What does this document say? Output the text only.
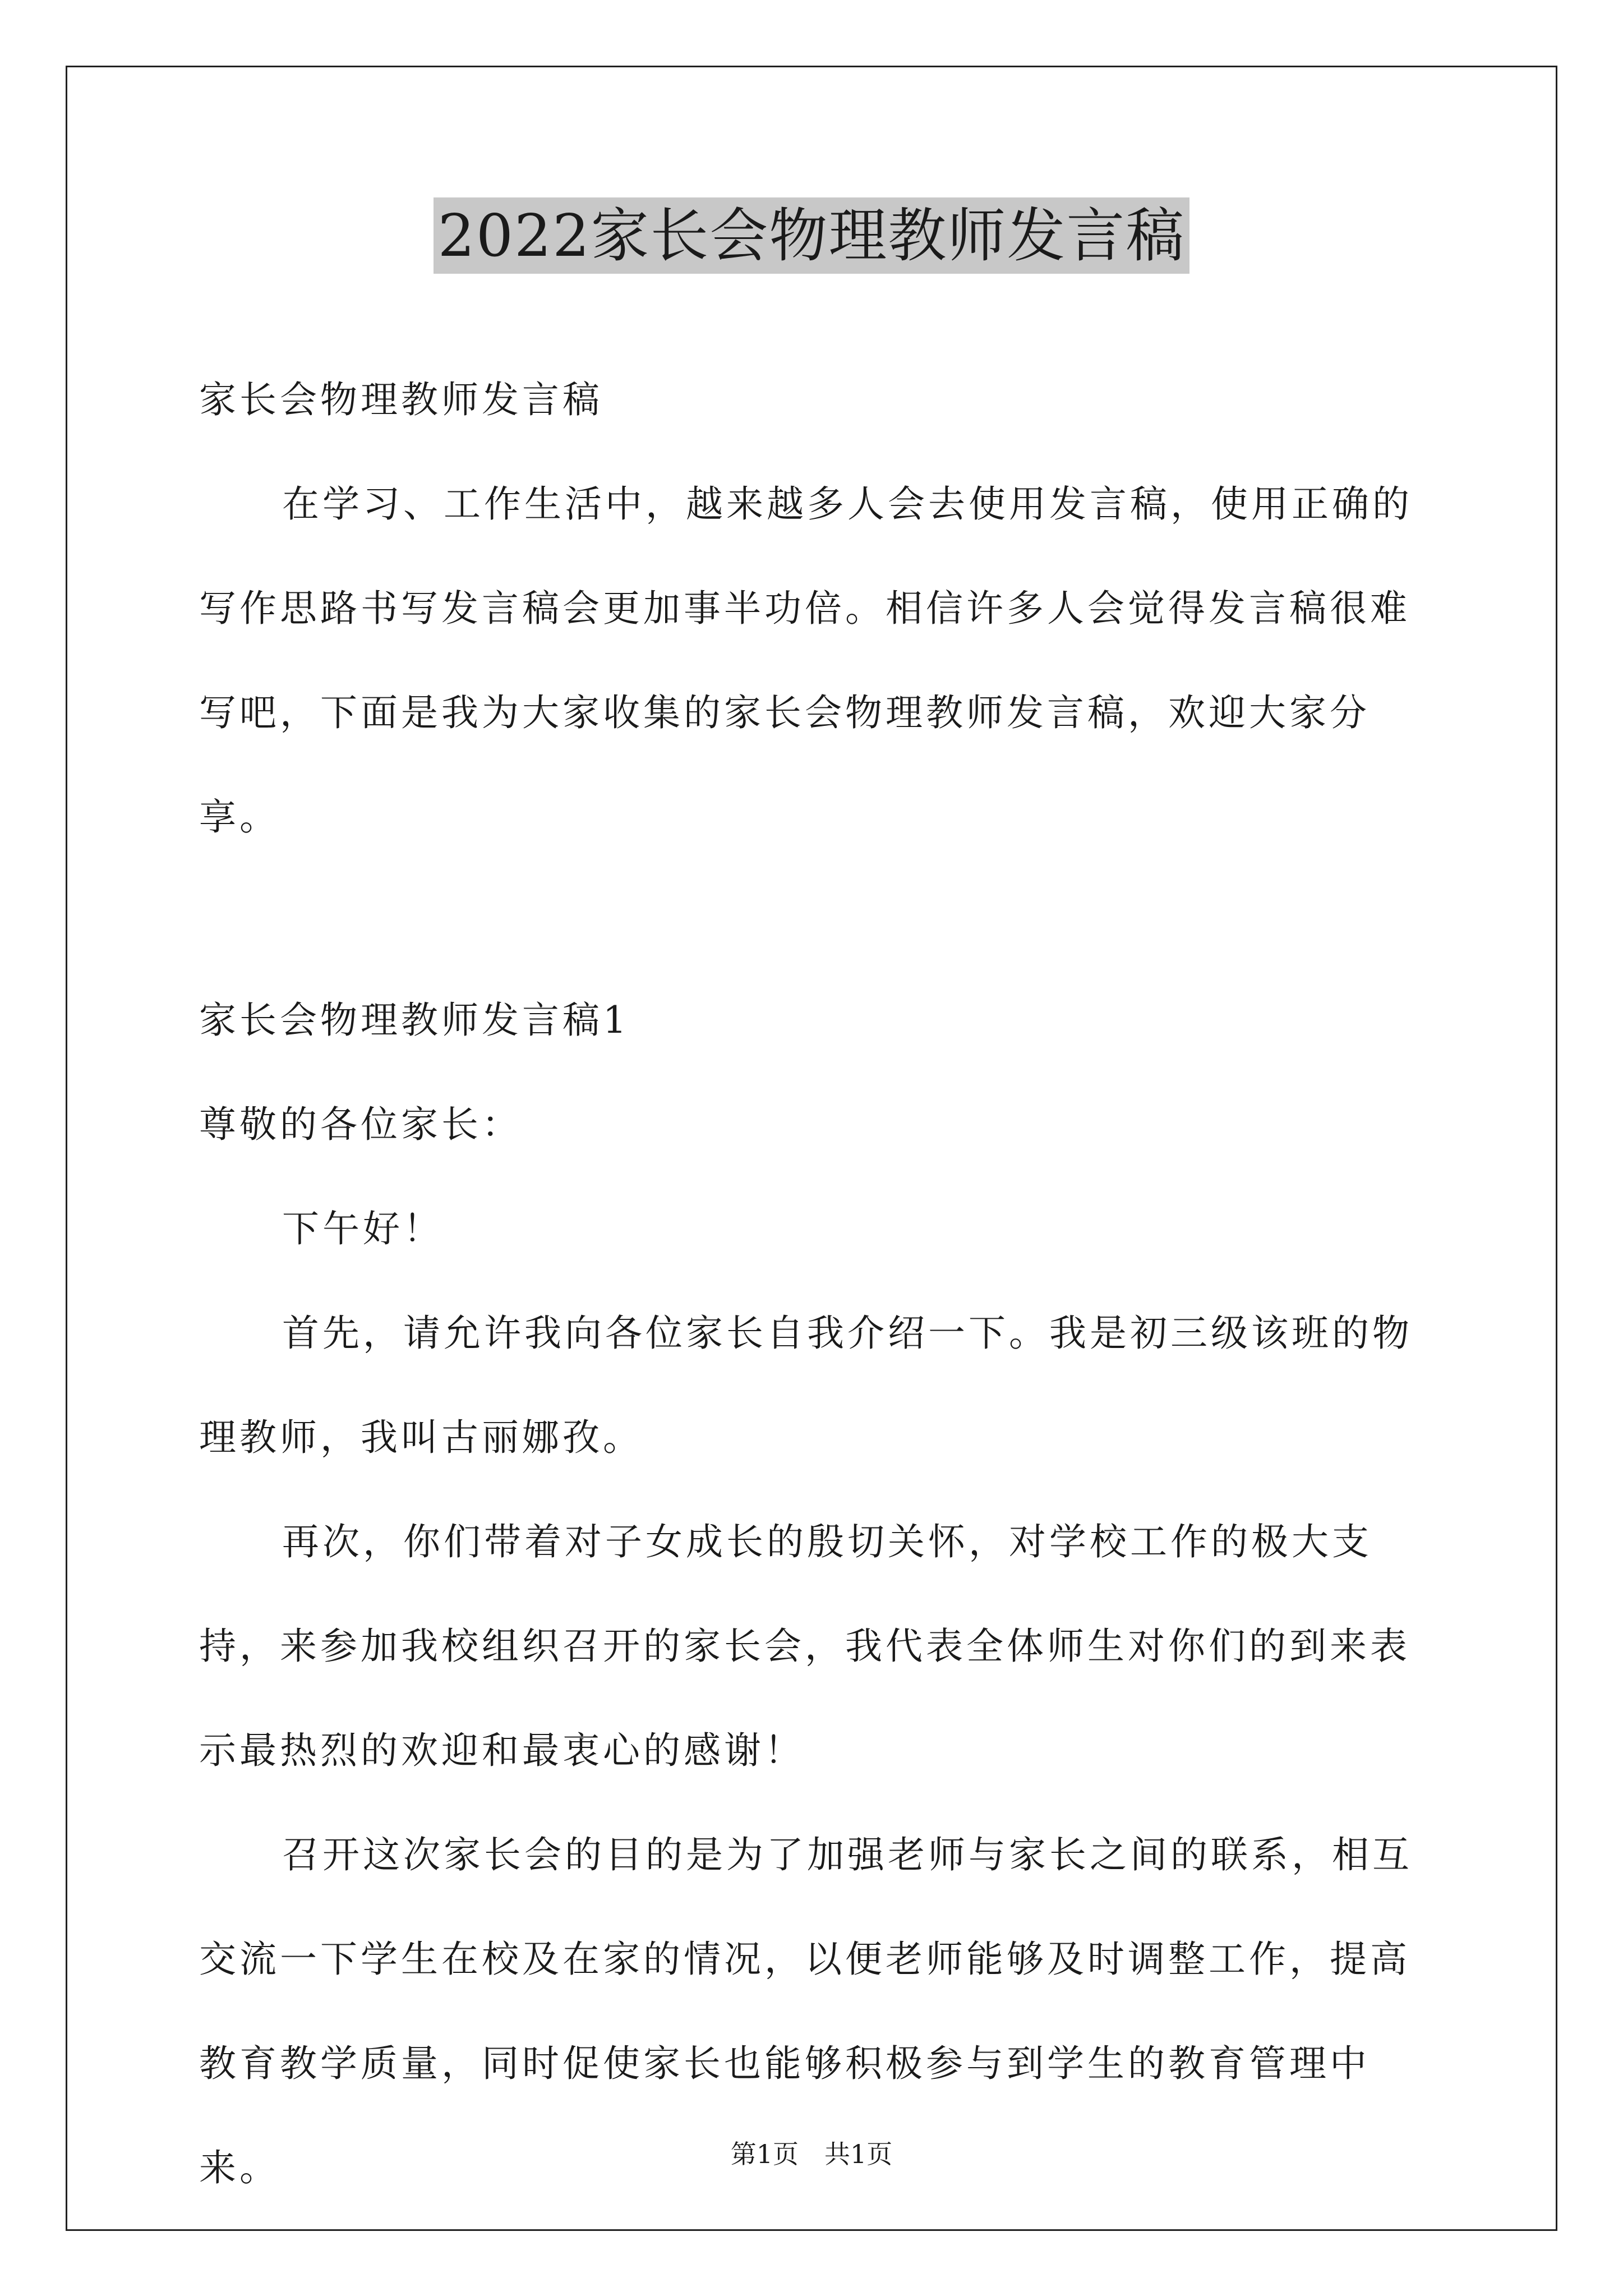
2022家长会物理教师发言稿

家长会物理教师发言稿

在学习、工作生活中，越来越多人会去使用发言稿，使用正确的写作思路书写发言稿会更加事半功倍。相信许多人会觉得发言稿很难写吧，下面是我为大家收集的家长会物理教师发言稿，欢迎大家分享。

家长会物理教师发言稿1

尊敬的各位家长：

下午好！

首先，请允许我向各位家长自我介绍一下。我是初三级该班的物理教师，我叫古丽娜孜。

再次，你们带着对子女成长的殷切关怀，对学校工作的极大支持，来参加我校组织召开的家长会，我代表全体师生对你们的到来表示最热烈的欢迎和最衷心的感谢！

召开这次家长会的目的是为了加强老师与家长之间的联系，相互交流一下学生在校及在家的情况，以便老师能够及时调整工作，提高教育教学质量，同时促使家长也能够积极参与到学生的教育管理中来。	第1页　共1页
